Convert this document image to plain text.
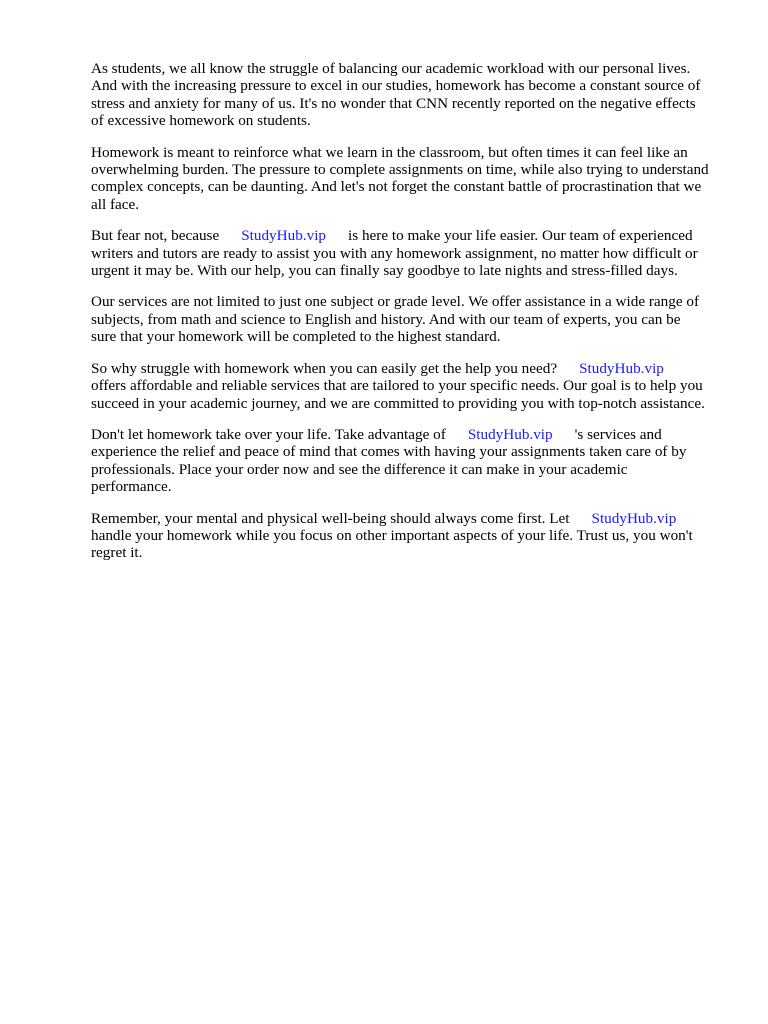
As students, we all know the struggle of balancing our academic workload with our personal lives.
And with the increasing pressure to excel in our studies, homework has become a constant source of
stress and anxiety for many of us. It's no wonder that CNN recently reported on the negative effects
of excessive homework on students.

Homework is meant to reinforce what we learn in the classroom, but often times it can feel like an
overwhelming burden. The pressure to complete assignments on time, while also trying to understand
complex concepts, can be daunting. And let's not forget the constant battle of procrastination that we
all face.

But fear not, because StudyHub.vip is here to make your life easier. Our team of experienced
writers and tutors are ready to assist you with any homework assignment, no matter how difficult or
urgent it may be. With our help, you can finally say goodbye to late nights and stress-filled days.

Our services are not limited to just one subject or grade level. We offer assistance in a wide range of
subjects, from math and science to English and history. And with our team of experts, you can be
sure that your homework will be completed to the highest standard.

So why struggle with homework when you can easily get the help you need? StudyHub.vip
offers affordable and reliable services that are tailored to your specific needs. Our goal is to help you
succeed in your academic journey, and we are committed to providing you with top-notch assistance.

Don't let homework take over your life. Take advantage of StudyHub.vip 's services and
experience the relief and peace of mind that comes with having your assignments taken care of by
professionals. Place your order now and see the difference it can make in your academic
performance.

Remember, your mental and physical well-being should always come first. Let StudyHub.vip
handle your homework while you focus on other important aspects of your life. Trust us, you won't
regret it.
